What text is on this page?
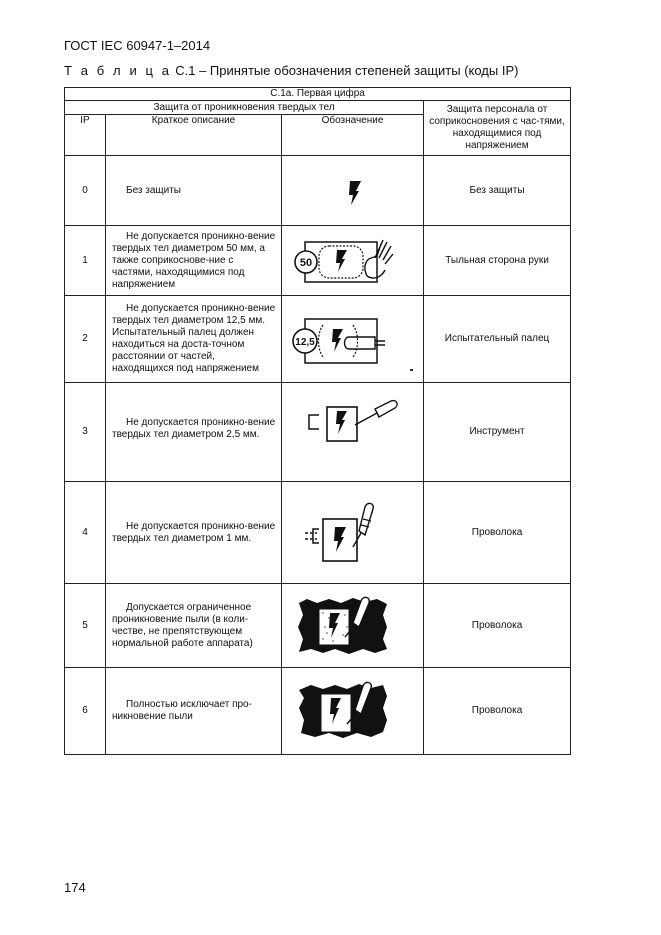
ГОСТ IEC 60947-1–2014
Т а б л и ц а С.1 – Принятые обозначения степеней защиты (коды IP)
С.1а. Первая цифра			
Защита от проникновения твердых тел			Защита персонала от соприкосновения с час-тями, находящимися под напряжением
IP	Краткое описание	Обозначение	

0	Без защиты		Без защиты
1	Не допускается проникно-вение твердых тел диаметром 50 мм, а также соприкоснове-ние с частями, находящимися под напряжением	50	Тыльная сторона руки
2	Не допускается проникно-вение твердых тел диаметром 12,5 мм. Испытательный палец должен находиться на доста-точном расстоянии от частей, находящихся под напряжением	12,5	Испытательный палец
3	Не допускается проникно-вение твердых тел диаметром 2,5 мм.		Инструмент
4	Не допускается проникно-вение твердых тел диаметром 1 мм.		Проволока
5	Допускается ограниченное проникновение пыли (в коли-честве, не препятствующем нормальной работе аппарата)		Проволока
6	Полностью исключает про-никновение пыли		Проволока
174
